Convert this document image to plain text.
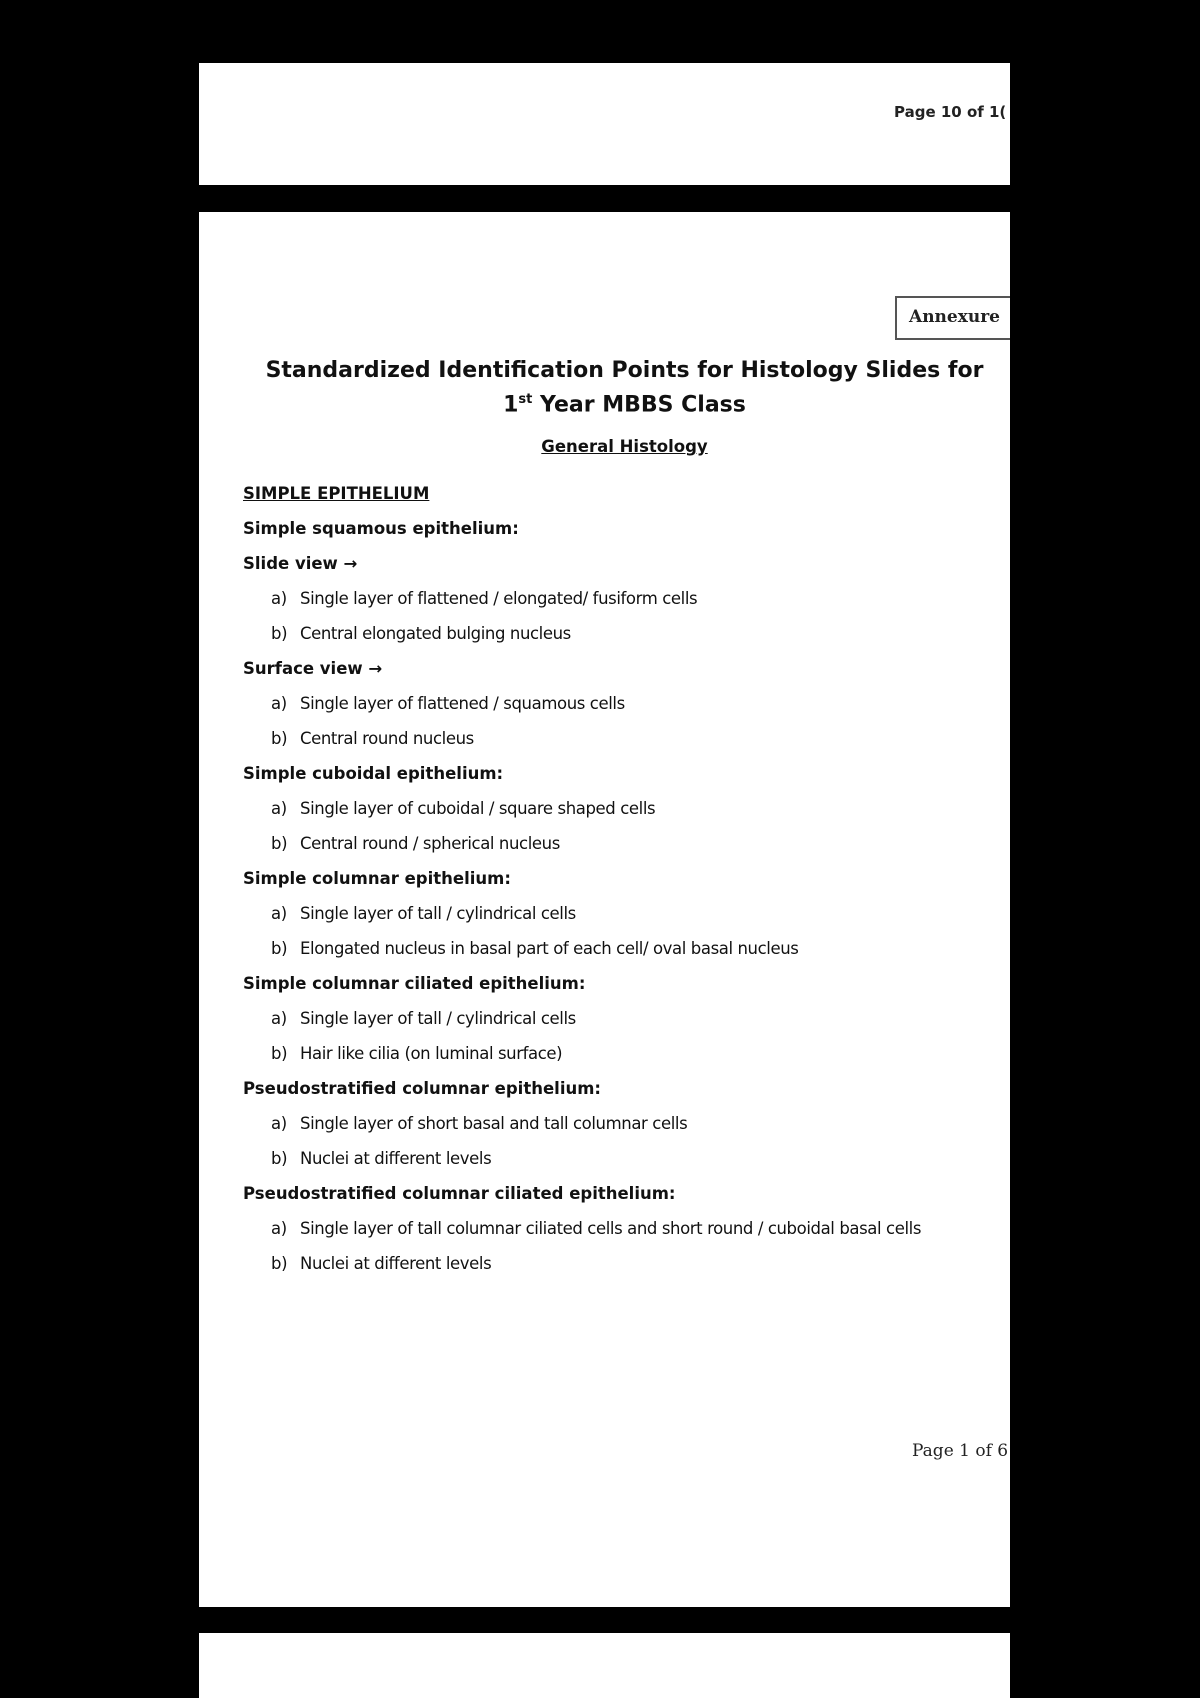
Page 10 of 1(
Annexure
Standardized Identification Points for Histology Slides for
1st Year MBBS Class
General Histology
SIMPLE EPITHELIUM
Simple squamous epithelium:
Slide view →
a) Single layer of flattened / elongated/ fusiform cells
b) Central elongated bulging nucleus
Surface view →
a) Single layer of flattened / squamous cells
b) Central round nucleus
Simple cuboidal epithelium:
a) Single layer of cuboidal / square shaped cells
b) Central round / spherical nucleus
Simple columnar epithelium:
a) Single layer of tall / cylindrical cells
b) Elongated nucleus in basal part of each cell/ oval basal nucleus
Simple columnar ciliated epithelium:
a) Single layer of tall / cylindrical cells
b) Hair like cilia (on luminal surface)
Pseudostratified columnar epithelium:
a) Single layer of short basal and tall columnar cells
b) Nuclei at different levels
Pseudostratified columnar ciliated epithelium:
a) Single layer of tall columnar ciliated cells and short round / cuboidal basal cells
b) Nuclei at different levels
Page 1 of 6
